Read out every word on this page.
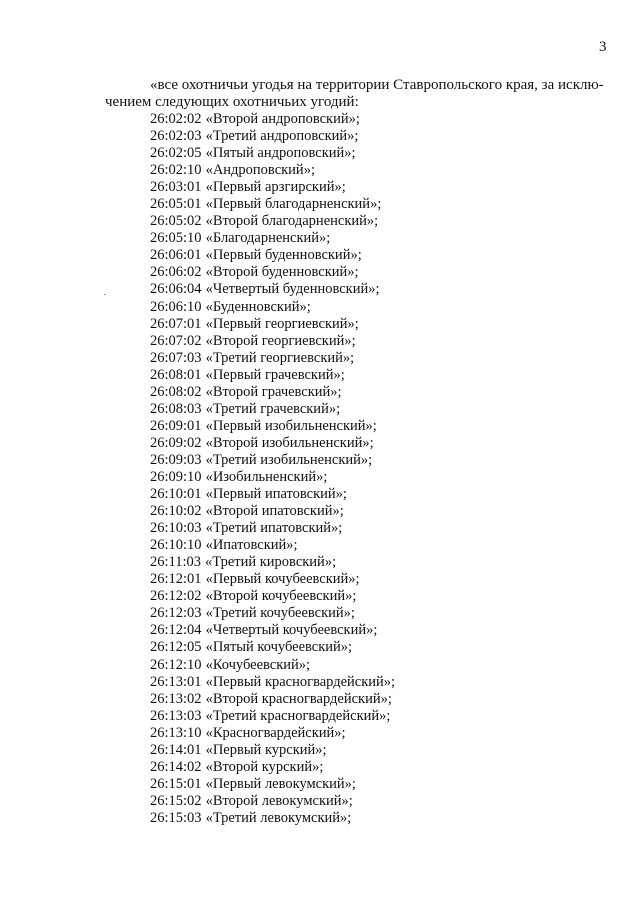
3
«все охотничьи угодья на территории Ставропольского края, за исклю-
чением следующих охотничьих угодий:
26:02:02 «Второй андроповский»;
26:02:03 «Третий андроповский»;
26:02:05 «Пятый андроповский»;
26:02:10 «Андроповский»;
26:03:01 «Первый арзгирский»;
26:05:01 «Первый благодарненский»;
26:05:02 «Второй благодарненский»;
26:05:10 «Благодарненский»;
26:06:01 «Первый буденновский»;
26:06:02 «Второй буденновский»;
26:06:04 «Четвертый буденновский»;
26:06:10 «Буденновский»;
26:07:01 «Первый георгиевский»;
26:07:02 «Второй георгиевский»;
26:07:03 «Третий георгиевский»;
26:08:01 «Первый грачевский»;
26:08:02 «Второй грачевский»;
26:08:03 «Третий грачевский»;
26:09:01 «Первый изобильненский»;
26:09:02 «Второй изобильненский»;
26:09:03 «Третий изобильненский»;
26:09:10 «Изобильненский»;
26:10:01 «Первый ипатовский»;
26:10:02 «Второй ипатовский»;
26:10:03 «Третий ипатовский»;
26:10:10 «Ипатовский»;
26:11:03 «Третий кировский»;
26:12:01 «Первый кочубеевский»;
26:12:02 «Второй кочубеевский»;
26:12:03 «Третий кочубеевский»;
26:12:04 «Четвертый кочубеевский»;
26:12:05 «Пятый кочубеевский»;
26:12:10 «Кочубеевский»;
26:13:01 «Первый красногвардейский»;
26:13:02 «Второй красногвардейский»;
26:13:03 «Третий красногвардейский»;
26:13:10 «Красногвардейский»;
26:14:01 «Первый курский»;
26:14:02 «Второй курский»;
26:15:01 «Первый левокумский»;
26:15:02 «Второй левокумский»;
26:15:03 «Третий левокумский»;
